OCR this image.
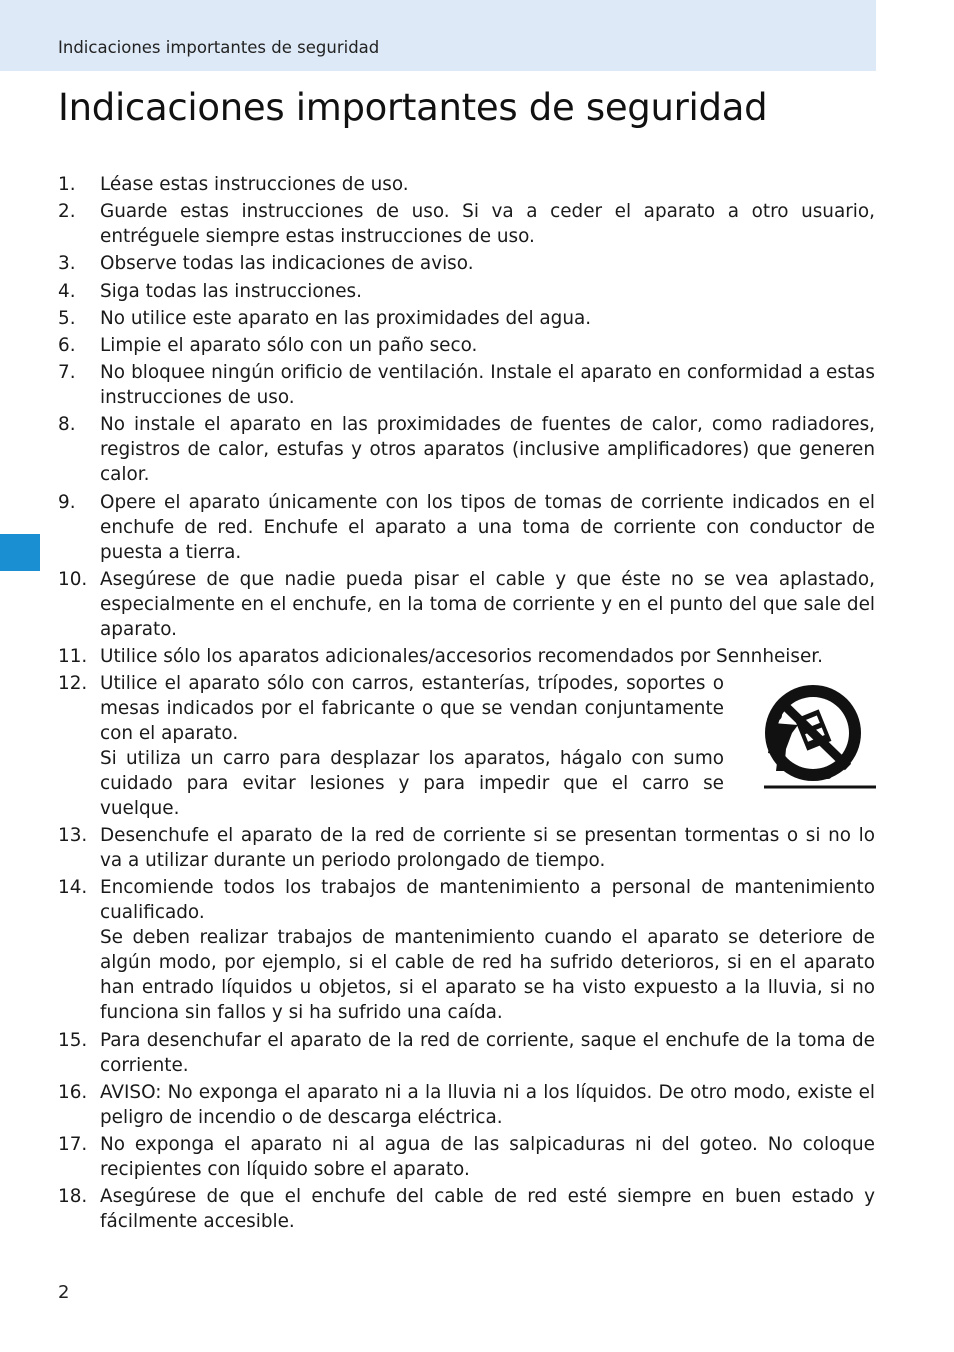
Indicaciones importantes de seguridad
Indicaciones importantes de seguridad
1. Léase estas instrucciones de uso.
2. Guarde estas instrucciones de uso. Si va a ceder el aparato a otro usuario, entréguele siempre estas instrucciones de uso.
3. Observe todas las indicaciones de aviso.
4. Siga todas las instrucciones.
5. No utilice este aparato en las proximidades del agua.
6. Limpie el aparato sólo con un paño seco.
7. No bloquee ningún orificio de ventilación. Instale el aparato en conformidad a estas instrucciones de uso.
8. No instale el aparato en las proximidades de fuentes de calor, como radiadores, registros de calor, estufas y otros aparatos (inclusive amplificadores) que generen calor.
9. Opere el aparato únicamente con los tipos de tomas de corriente indicados en el enchufe de red. Enchufe el aparato a una toma de corriente con conductor de puesta a tierra.
10. Asegúrese de que nadie pueda pisar el cable y que éste no se vea aplastado, especialmente en el enchufe, en la toma de corriente y en el punto del que sale del aparato.
11. Utilice sólo los aparatos adicionales/accesorios recomendados por Sennheiser.
12. Utilice el aparato sólo con carros, estanterías, trípodes, soportes o mesas indicados por el fabricante o que se vendan conjuntamente con el aparato.
Si utiliza un carro para desplazar los aparatos, hágalo con sumo cuidado para evitar lesiones y para impedir que el carro se vuelque.
13. Desenchufe el aparato de la red de corriente si se presentan tormentas o si no lo va a utilizar durante un periodo prolongado de tiempo.
14. Encomiende todos los trabajos de mantenimiento a personal de mantenimiento cualificado.
Se deben realizar trabajos de mantenimiento cuando el aparato se deteriore de algún modo, por ejemplo, si el cable de red ha sufrido deterioros, si en el aparato han entrado líquidos u objetos, si el aparato se ha visto expuesto a la lluvia, si no funciona sin fallos y si ha sufrido una caída.
15. Para desenchufar el aparato de la red de corriente, saque el enchufe de la toma de corriente.
16. AVISO: No exponga el aparato ni a la lluvia ni a los líquidos. De otro modo, existe el peligro de incendio o de descarga eléctrica.
17. No exponga el aparato ni al agua de las salpicaduras ni del goteo. No coloque recipientes con líquido sobre el aparato.
18. Asegúrese de que el enchufe del cable de red esté siempre en buen estado y fácilmente accesible.
2
